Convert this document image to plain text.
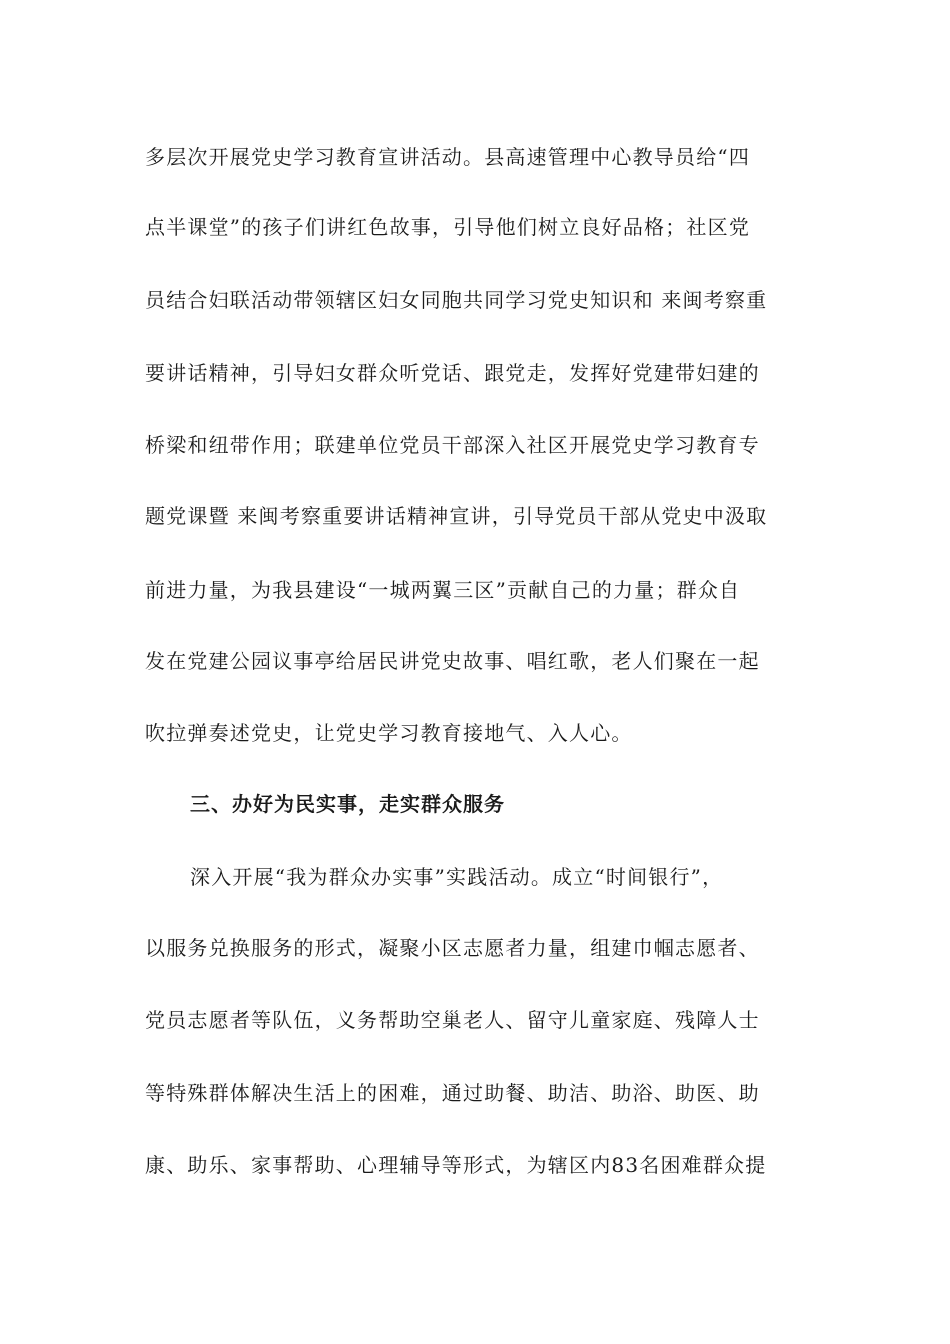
多层次开展党史学习教育宣讲活动。县高速管理中心教导员给“四
点半课堂”的孩子们讲红色故事，引导他们树立良好品格；社区党
员结合妇联活动带领辖区妇女同胞共同学习党史知识和 来闽考察重
要讲话精神，引导妇女群众听党话、跟党走，发挥好党建带妇建的
桥梁和纽带作用；联建单位党员干部深入社区开展党史学习教育专
题党课暨 来闽考察重要讲话精神宣讲，引导党员干部从党史中汲取
前进力量，为我县建设“一城两翼三区”贡献自己的力量；群众自
发在党建公园议事亭给居民讲党史故事、唱红歌，老人们聚在一起
吹拉弹奏述党史，让党史学习教育接地气、入人心。
三、办好为民实事，走实群众服务
深入开展“我为群众办实事”实践活动。成立“时间银行”，
以服务兑换服务的形式，凝聚小区志愿者力量，组建巾帼志愿者、
党员志愿者等队伍，义务帮助空巢老人、留守儿童家庭、残障人士
等特殊群体解决生活上的困难，通过助餐、助洁、助浴、助医、助
康、助乐、家事帮助、心理辅导等形式，为辖区内83名困难群众提
